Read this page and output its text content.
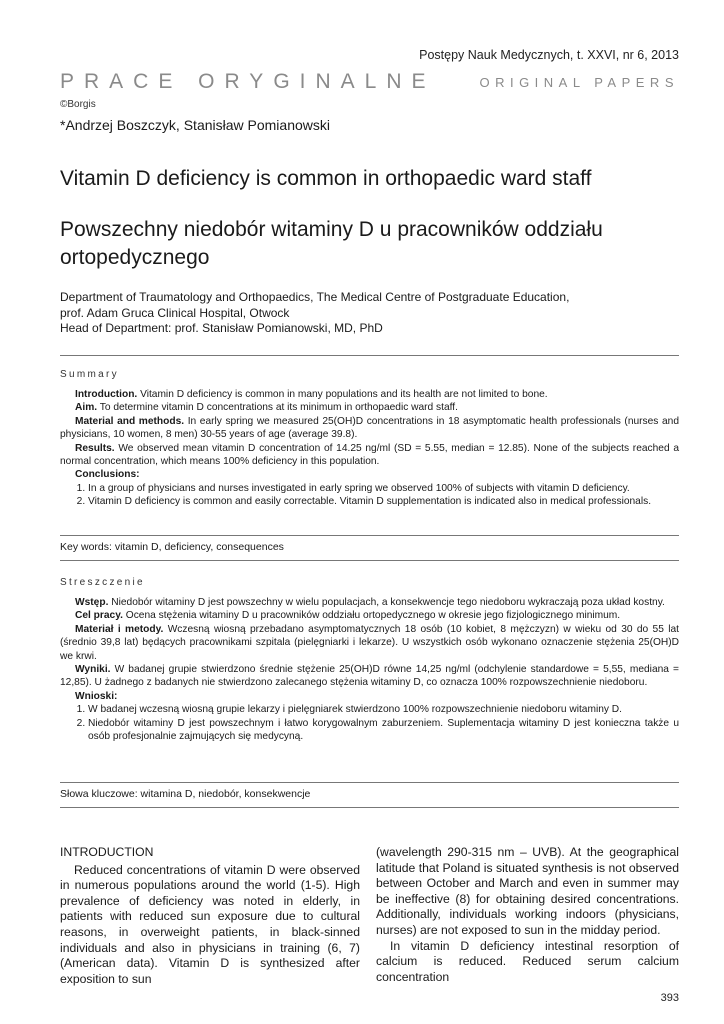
Postępy Nauk Medycznych, t. XXVI, nr 6, 2013
PRACE ORYGINALNE	ORIGINAL PAPERS
©Borgis
*Andrzej Boszczyk, Stanisław Pomianowski
Vitamin D deficiency is common in orthopaedic ward staff
Powszechny niedobór witaminy D u pracowników oddziału ortopedycznego
Department of Traumatology and Orthopaedics, The Medical Centre of Postgraduate Education,
prof. Adam Gruca Clinical Hospital, Otwock
Head of Department: prof. Stanisław Pomianowski, MD, PhD
Summary

Introduction. Vitamin D deficiency is common in many populations and its health are not limited to bone.

Aim. To determine vitamin D concentrations at its minimum in orthopaedic ward staff.

Material and methods. In early spring we measured 25(OH)D concentrations in 18 asymptomatic health professionals (nurses and physicians, 10 women, 8 men) 30-55 years of age (average 39.8).

Results. We observed mean vitamin D concentration of 14.25 ng/ml (SD = 5.55, median = 12.85). None of the subjects reached a normal concentration, which means 100% deficiency in this population.

Conclusions:

1. In a group of physicians and nurses investigated in early spring we observed 100% of subjects with vitamin D deficiency.
2. Vitamin D deficiency is common and easily correctable. Vitamin D supplementation is indicated also in medical professionals.
Key words: vitamin D, deficiency, consequences
Streszczenie

Wstęp. Niedobór witaminy D jest powszechny w wielu populacjach, a konsekwencje tego niedoboru wykraczają poza układ kostny.

Cel pracy. Ocena stężenia witaminy D u pracowników oddziału ortopedycznego w okresie jego fizjologicznego minimum.

Materiał i metody. Wczesną wiosną przebadano asymptomatycznych 18 osób (10 kobiet, 8 mężczyzn) w wieku od 30 do 55 lat (średnio 39,8 lat) będących pracownikami szpitala (pielęgniarki i lekarze). U wszystkich osób wykonano oznaczenie stężenia 25(OH)D we krwi.

Wyniki. W badanej grupie stwierdzono średnie stężenie 25(OH)D równe 14,25 ng/ml (odchylenie standardowe = 5,55, mediana = 12,85). U żadnego z badanych nie stwierdzono zalecanego stężenia witaminy D, co oznacza 100% rozpowszechnienie niedoboru.

Wnioski:

1. W badanej wczesną wiosną grupie lekarzy i pielęgniarek stwierdzono 100% rozpowszechnienie niedoboru witaminy D.
2. Niedobór witaminy D jest powszechnym i łatwo korygowalnym zaburzeniem. Suplementacja witaminy D jest konieczna także u osób profesjonalnie zajmujących się medycyną.
Słowa kluczowe: witamina D, niedobór, konsekwencje

INTRODUCTION

Reduced concentrations of vitamin D were observed in numerous populations around the world (1-5). High prevalence of deficiency was noted in elderly, in patients with reduced sun exposure due to cultural reasons, in overweight patients, in black-sinned individuals and also in physicians in training (6, 7) (American data). Vitamin D is synthesized after exposition to sun

(wavelength 290-315 nm – UVB). At the geographical latitude that Poland is situated synthesis is not observed between October and March and even in summer may be ineffective (8) for obtaining desired concentrations. Additionally, individuals working indoors (physicians, nurses) are not exposed to sun in the midday period.

In vitamin D deficiency intestinal resorption of calcium is reduced. Reduced serum calcium concentration

393
